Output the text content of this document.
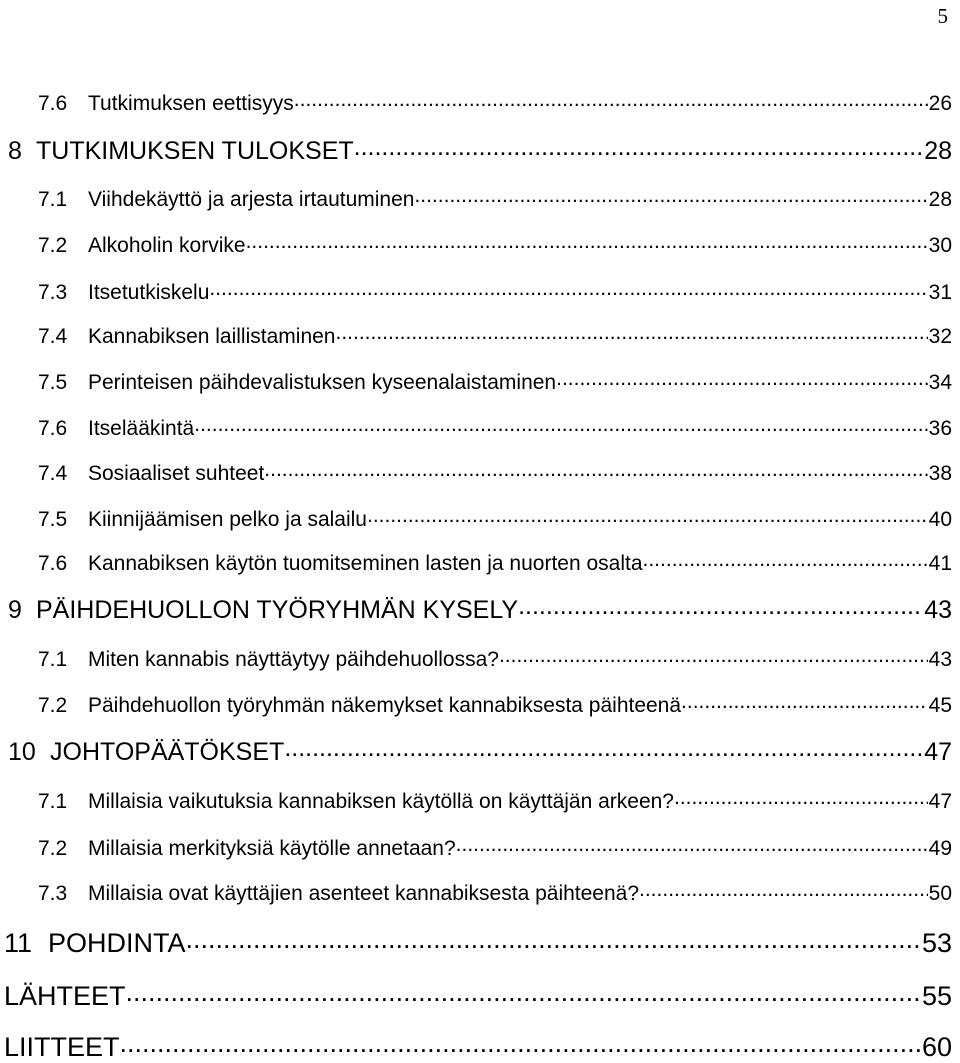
5
7.6 Tutkimuksen eettisyys .....	26
8 TUTKIMUKSEN TULOKSET .....	28
7.1 Viihdekäyttö ja arjesta irtautuminen .....	28
7.2 Alkoholin korvike .....	30
7.3 Itsetutkiskelu .....	31
7.4 Kannabiksen laillistaminen .....	32
7.5 Perinteisen päihdevalistuksen kyseenalaistaminen .....	34
7.6 Itselääkintä .....	36
7.4 Sosiaaliset suhteet .....	38
7.5 Kiinnijäämisen pelko ja salailu .....	40
7.6 Kannabiksen käytön tuomitseminen lasten ja nuorten osalta .....	41
9 PÄIHDEHUOLLON TYÖRYHMÄN KYSELY .....	43
7.1 Miten kannabis näyttäytyy päihdehuollossa? .....	43
7.2 Päihdehuollon työryhmän näkemykset kannabiksesta päihteenä .....	45
10 JOHTOPÄÄTÖKSET .....	47
7.1 Millaisia vaikutuksia kannabiksen käytöllä on käyttäjän arkeen? .....	47
7.2 Millaisia merkityksiä käytölle annetaan? .....	49
7.3 Millaisia ovat käyttäjien asenteet kannabiksesta päihteenä? .....	50
11 POHDINTA .....	53
LÄHTEET .....	55
LIITTEET .....	60
